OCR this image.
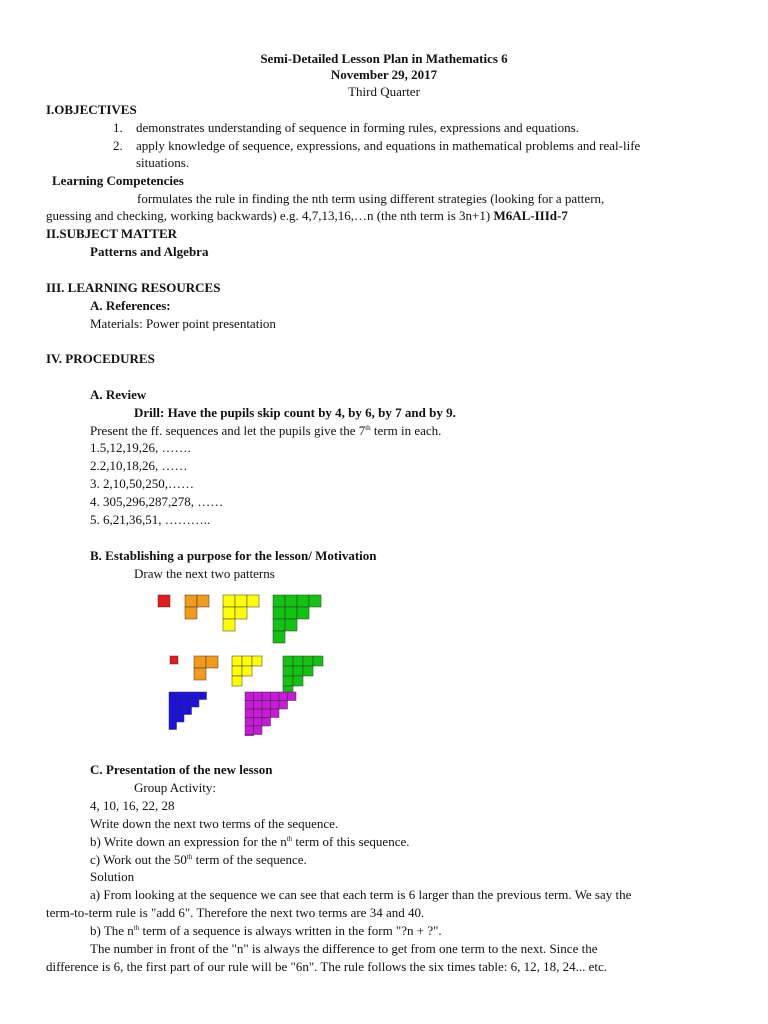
Semi-Detailed Lesson Plan in Mathematics 6
November 29, 2017
Third Quarter
I.OBJECTIVES
1. demonstrates understanding of sequence in forming rules, expressions and equations.
2. apply knowledge of sequence, expressions, and equations in mathematical problems and real-life
situations.
Learning Competencies
formulates the rule in finding the nth term using different strategies (looking for a pattern,
guessing and checking, working backwards) e.g. 4,7,13,16,…n (the nth term is 3n+1) M6AL-IIId-7
II.SUBJECT MATTER
Patterns and Algebra
III. LEARNING RESOURCES
A. References:
Materials: Power point presentation
IV. PROCEDURES
A. Review
Drill: Have the pupils skip count by 4, by 6, by 7 and by 9.
Present the ff. sequences and let the pupils give the 7th term in each.
1.5,12,19,26, …….
2.2,10,18,26, ……
3. 2,10,50,250,……
4. 305,296,287,278, ……
5. 6,21,36,51, ………..
B. Establishing a purpose for the lesson/ Motivation
Draw the next two patterns
C. Presentation of the new lesson
Group Activity:
4, 10, 16, 22, 28
Write down the next two terms of the sequence.
b) Write down an expression for the $n^{th}$ term of this sequence.
c) Work out the 50th term of the sequence.
Solution
a) From looking at the sequence we can see that each term is 6 larger than the previous term. We say the
term-to-term rule is "add 6". Therefore the next two terms are 34 and 40.
b) The $n^{th}$ term of a sequence is always written in the form "?n + ?".
The number in front of the "n" is always the difference to get from one term to the next. Since the
difference is 6, the first part of our rule will be "6n". The rule follows the six times table: 6, 12, 18, 24... etc.
